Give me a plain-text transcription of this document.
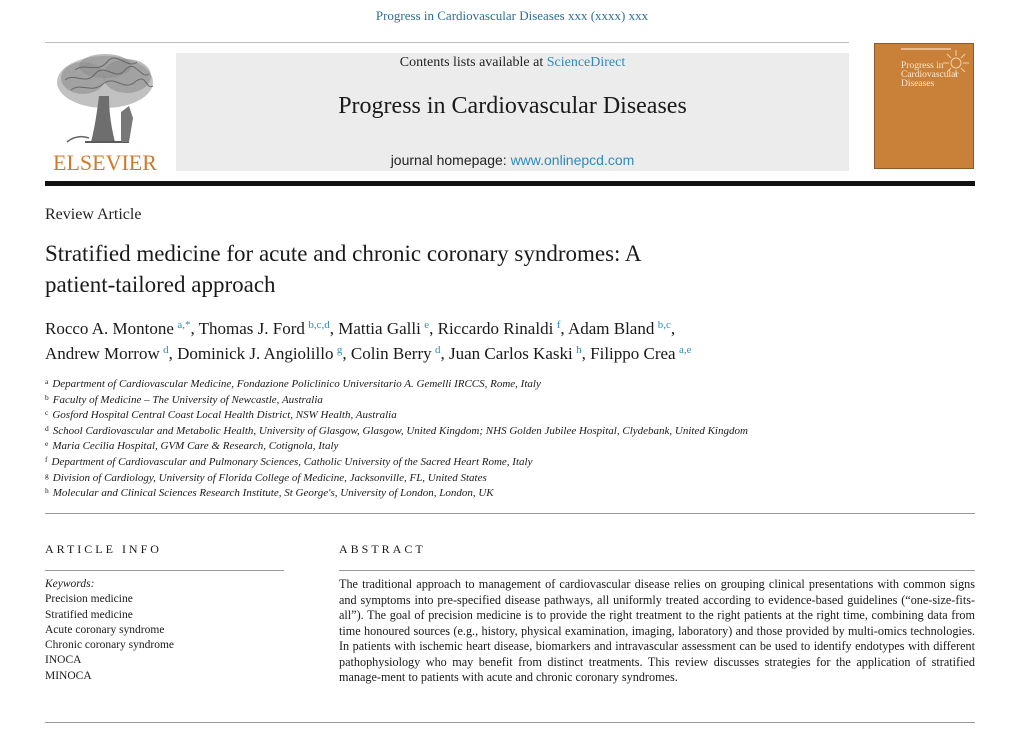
Progress in Cardiovascular Diseases xxx (xxxx) xxx
ELSEVIER
Contents lists available at ScienceDirect
Progress in Cardiovascular Diseases
journal homepage: www.onlinepcd.com
Progress in
Cardiovascular
Diseases
Review Article
Stratified medicine for acute and chronic coronary syndromes: A
patient-tailored approach
Rocco A. Montone  $^{a,*}$, Thomas J. Ford  $^{b,c,d}$, Mattia Galli  $^e$, Riccardo Rinaldi  $^f$, Adam Bland  $^{b,c}$,
Andrew Morrow  $^d$, Dominick J. Angiolillo  $^g$, Colin Berry  $^d$, Juan Carlos Kaski  $^h$, Filippo Crea  $^{a,e}$
$^a$ Department of Cardiovascular Medicine, Fondazione Policlinico Universitario A. Gemelli IRCCS, Rome, Italy
$^b$ Faculty of Medicine – The University of Newcastle, Australia
$^c$ Gosford Hospital Central Coast Local Health District, NSW Health, Australia
$^d$ School Cardiovascular and Metabolic Health, University of Glasgow, Glasgow, United Kingdom; NHS Golden Jubilee Hospital, Clydebank, United Kingdom
$^e$ Maria Cecilia Hospital, GVM Care & Research, Cotignola, Italy
$^f$ Department of Cardiovascular and Pulmonary Sciences, Catholic University of the Sacred Heart Rome, Italy
$^g$ Division of Cardiology, University of Florida College of Medicine, Jacksonville, FL, United States
$^h$ Molecular and Clinical Sciences Research Institute, St George's, University of London, London, UK
ARTICLE INFO	ABSTRACT
Keywords:
Precision medicine
Stratified medicine
Acute coronary syndrome
Chronic coronary syndrome
INOCA
MINOCA
The traditional approach to management of cardiovascular disease relies on grouping clinical presentations with common signs and symptoms into pre-specified disease pathways, all uniformly treated according to evidence-based guidelines (“one-size-fits-all”). The goal of precision medicine is to provide the right treatment to the right patients at the right time, combining data from time honoured sources (e.g., history, physical examination, imaging, laboratory) and those provided by multi-omics technologies. In patients with ischemic heart disease, biomarkers and intravascular assessment can be used to identify endotypes with different pathophysiology who may benefit from distinct treatments. This review discusses strategies for the application of stratified manage-ment to patients with acute and chronic coronary syndromes.
